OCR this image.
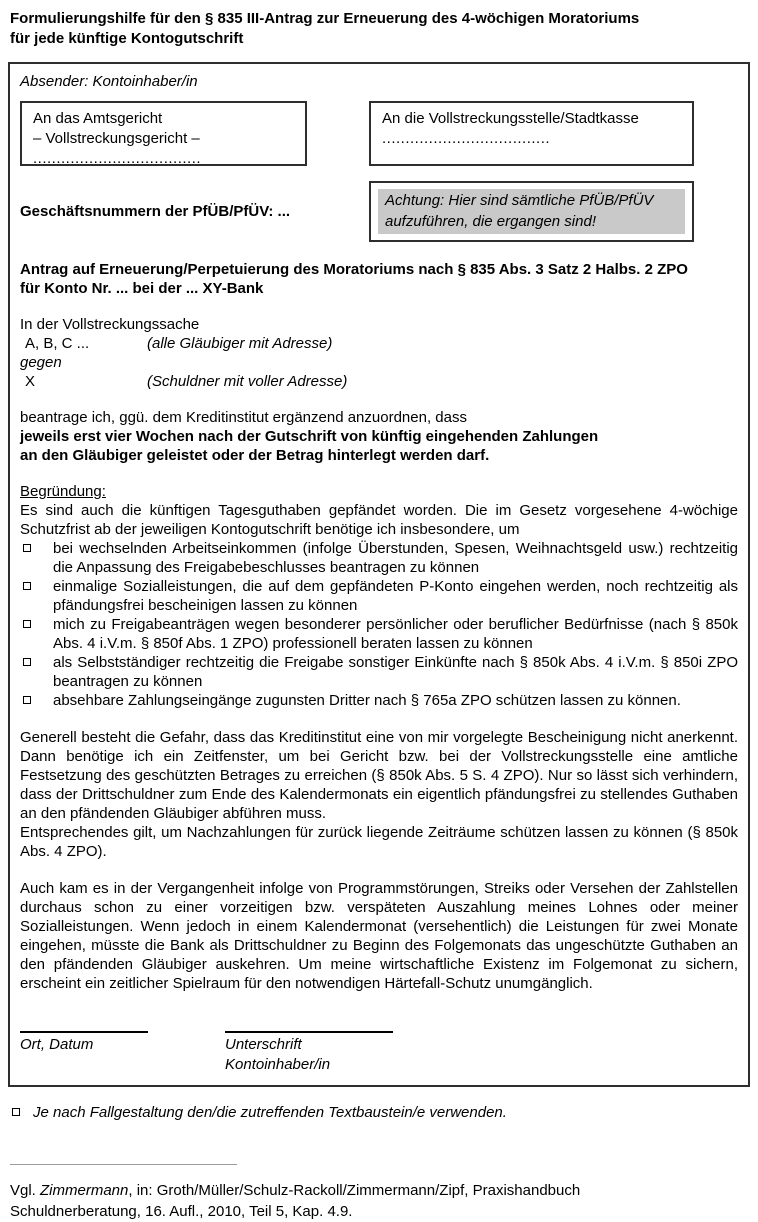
Formulierungshilfe für den § 835 III-Antrag zur Erneuerung des 4-wöchigen Moratoriums
für jede künftige Kontogutschrift
Absender: Kontoinhaber/in
An das Amtsgericht
– Vollstreckungsgericht –
....................................
An die Vollstreckungsstelle/Stadtkasse
....................................
Geschäftsnummern der PfÜB/PfÜV: ...
Achtung: Hier sind sämtliche PfÜB/PfÜV aufzuführen, die ergangen sind!
Antrag auf Erneuerung/Perpetuierung des Moratoriums nach § 835 Abs. 3 Satz 2 Halbs. 2 ZPO
für Konto Nr. ... bei der ... XY-Bank
In der Vollstreckungssache
A, B, C ...	(alle Gläubiger mit Adresse)
gegen
X	(Schuldner mit voller Adresse)
beantrage ich, ggü. dem Kreditinstitut ergänzend anzuordnen, dass
jeweils erst vier Wochen nach der Gutschrift von künftig eingehenden Zahlungen
an den Gläubiger geleistet oder der Betrag hinterlegt werden darf.
Begründung:
Es sind auch die künftigen Tagesguthaben gepfändet worden. Die im Gesetz vorgesehene 4-wöchige Schutzfrist ab der jeweiligen Kontogutschrift benötige ich insbesondere, um
bei wechselnden Arbeitseinkommen (infolge Überstunden, Spesen, Weihnachtsgeld usw.) rechtzeitig die Anpassung des Freigabebeschlusses beantragen zu können
einmalige Sozialleistungen, die auf dem gepfändeten P-Konto eingehen werden, noch rechtzeitig als pfändungsfrei bescheinigen lassen zu können
mich zu Freigabeanträgen wegen besonderer persönlicher oder beruflicher Bedürfnisse (nach § 850k Abs. 4 i.V.m. § 850f Abs. 1 ZPO) professionell beraten lassen zu können
als Selbstständiger rechtzeitig die Freigabe sonstiger Einkünfte nach § 850k Abs. 4 i.V.m. § 850i ZPO beantragen zu können
absehbare Zahlungseingänge zugunsten Dritter nach § 765a ZPO schützen lassen zu können.
Generell besteht die Gefahr, dass das Kreditinstitut eine von mir vorgelegte Bescheinigung nicht anerkennt. Dann benötige ich ein Zeitfenster, um bei Gericht bzw. bei der Vollstreckungsstelle eine amtliche Festsetzung des geschützten Betrages zu erreichen (§ 850k Abs. 5 S. 4 ZPO). Nur so lässt sich verhindern, dass der Drittschuldner zum Ende des Kalendermonats ein eigentlich pfändungsfrei zu stellendes Guthaben an den pfändenden Gläubiger abführen muss.
Entsprechendes gilt, um Nachzahlungen für zurück liegende Zeiträume schützen lassen zu können (§ 850k Abs. 4 ZPO).
Auch kam es in der Vergangenheit infolge von Programmstörungen, Streiks oder Versehen der Zahlstellen durchaus schon zu einer vorzeitigen bzw. verspäteten Auszahlung meines Lohnes oder meiner Sozialleistungen. Wenn jedoch in einem Kalendermonat (versehentlich) die Leistungen für zwei Monate eingehen, müsste die Bank als Drittschuldner zu Beginn des Folgemonats das ungeschützte Guthaben an den pfändenden Gläubiger auskehren. Um meine wirtschaftliche Existenz im Folgemonat zu sichern, erscheint ein zeitlicher Spielraum für den notwendigen Härtefall-Schutz unumgänglich.
Ort, Datum	Unterschrift Kontoinhaber/in
Je nach Fallgestaltung den/die zutreffenden Textbaustein/e verwenden.
Vgl. Zimmermann, in: Groth/Müller/Schulz-Rackoll/Zimmermann/Zipf, Praxishandbuch
Schuldnerberatung, 16. Aufl., 2010, Teil 5, Kap. 4.9.
